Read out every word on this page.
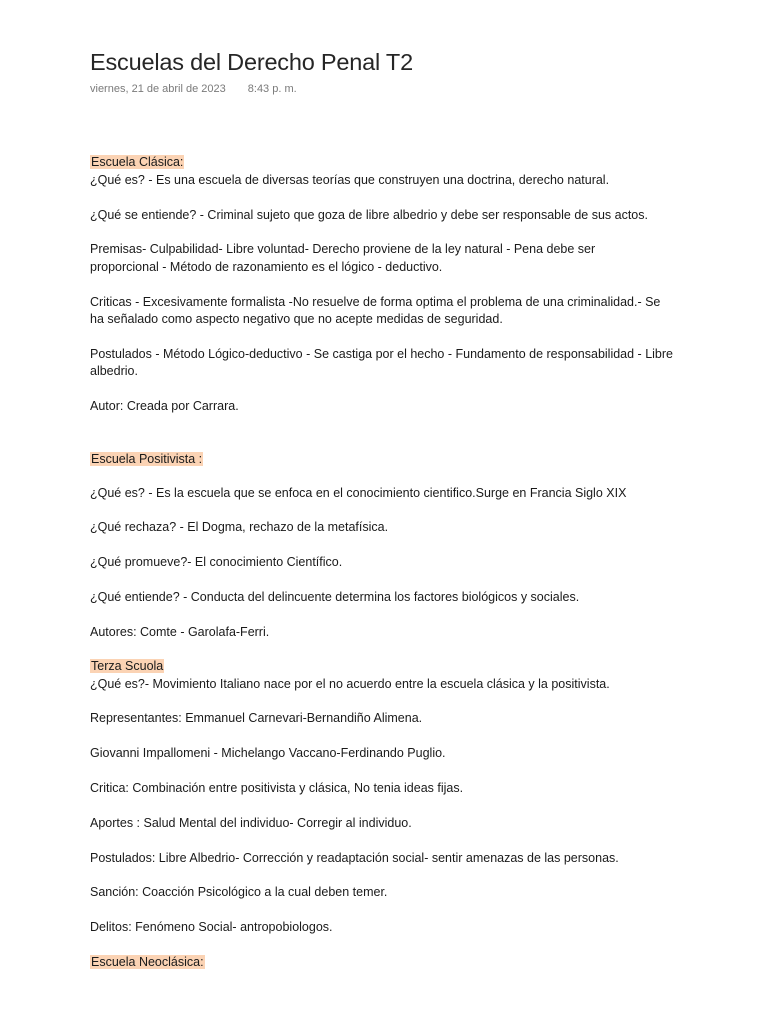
Escuelas del Derecho Penal T2
viernes, 21 de abril de 2023 8:43 p. m.
Escuela Clásica:
¿Qué es? - Es una escuela de diversas teorías que construyen una doctrina, derecho natural.
¿Qué se entiende? - Criminal sujeto que goza de libre albedrio y debe ser responsable de sus actos.
Premisas- Culpabilidad- Libre voluntad- Derecho proviene de la ley natural - Pena debe ser
proporcional - Método de razonamiento es el lógico - deductivo.
Criticas - Excesivamente formalista -No resuelve de forma optima el problema de una criminalidad.- Se
ha señalado como aspecto negativo que no acepte medidas de seguridad.
Postulados - Método Lógico-deductivo - Se castiga por el hecho - Fundamento de responsabilidad - Libre
albedrio.
Autor: Creada por Carrara.
Escuela Positivista :
¿Qué es? - Es la escuela que se enfoca en el conocimiento cientifico.Surge en Francia Siglo XIX
¿Qué rechaza? - El Dogma, rechazo de la metafísica.
¿Qué promueve?- El conocimiento Científico.
¿Qué entiende? - Conducta del delincuente determina los factores biológicos y sociales.
Autores: Comte - Garolafa-Ferri.
Terza Scuola
¿Qué es?- Movimiento Italiano nace por el no acuerdo entre la escuela clásica y la positivista.
Representantes: Emmanuel Carnevari-Bernandiño Alimena.
Giovanni Impallomeni - Michelango Vaccano-Ferdinando Puglio.
Critica: Combinación entre positivista y clásica, No tenia ideas fijas.
Aportes : Salud Mental del individuo- Corregir al individuo.
Postulados: Libre Albedrio- Corrección y readaptación social- sentir amenazas de las personas.
Sanción: Coacción Psicológico a la cual deben temer.
Delitos: Fenómeno Social- antropobiologos.
Escuela Neoclásica:
